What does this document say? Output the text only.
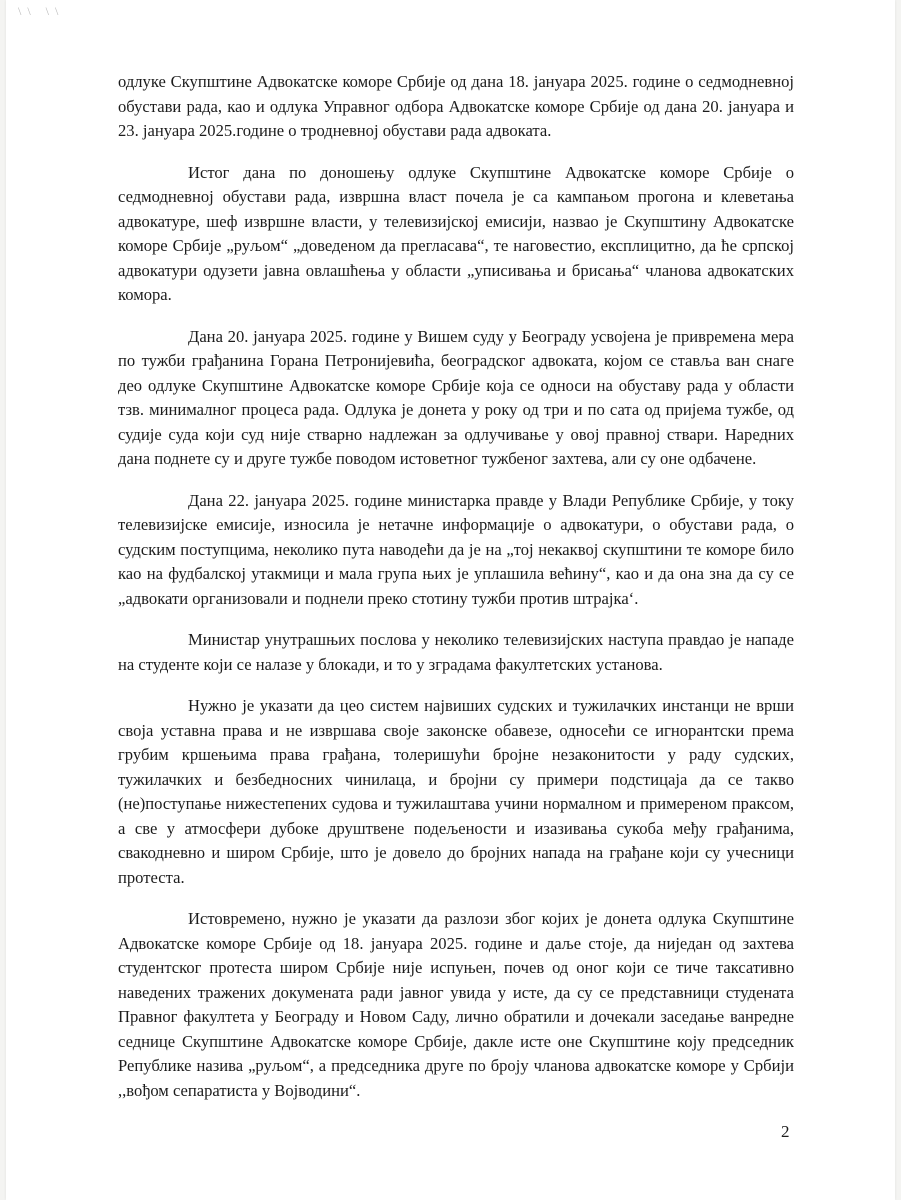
\\ \\

одлуке Скупштине Адвокатске коморе Србије од дана 18. јануара 2025. године о седмодневној обустави рада, као и одлука Управног одбора Адвокатске коморе Србије од дана 20. јануара и 23. јануара 2025.године о тродневној обустави рада адвоката.

Истог дана по доношењу одлуке Скупштине Адвокатске коморе Србије о седмодневној обустави рада, извршна власт почела је са кампањом прогона и клеветања адвокатуре, шеф извршне власти, у телевизијској емисији, назвао је Скупштину Адвокатске коморе Србије „руљом“ „доведеном да прегласава“, те наговестио, експлицитно, да ће српској адвокатури одузети јавна овлашћења у области „уписивања и брисања“ чланова адвокатских комора.

Дана 20. јануара 2025. године у Вишем суду у Београду усвојена је привремена мера по тужби грађанина Горана Петронијевића, београдског адвоката, којом се ставља ван снаге део одлуке Скупштине Адвокатске коморе Србије која се односи на обуставу рада у области тзв. минималног процеса рада. Одлука је донета у року од три и по сата од пријема тужбе, од судије суда који суд није стварно надлежан за одлучивање у овој правној ствари. Наредних дана поднете су и друге тужбе поводом истоветног тужбеног захтева, али су оне одбачене.

Дана 22. јануара 2025. године министарка правде у Влади Републике Србије, у току телевизијске емисије, износила је нетачне информације о адвокатури, о обустави рада, о судским поступцима, неколико пута наводећи да је на „тој некаквој скупштини те коморе било као на фудбалској утакмици и мала група њих је уплашила већину“, као и да она зна да су се „адвокати организовали и поднели преко стотину тужби против штрајка‘.

Министар унутрашњих послова у неколико телевизијских наступа правдао је нападе на студенте који се налазе у блокади, и то у зградама факултетских установа.

Нужно је указати да цео систем највиших судских и тужилачких инстанци не врши своја уставна права и не извршава своје законске обавезе, односећи се игнорантски према грубим кршењима права грађана, толеришући бројне незаконитости у раду судских, тужилачких и безбедносних чинилаца, и бројни су примери подстицаја да се такво (не)поступање нижестепених судова и тужилаштава учини нормалном и примереном праксом, а све у атмосфери дубоке друштвене подељености и изазивања сукоба међу грађанима, свакодневно и широм Србије, што је довело до бројних напада на грађане који су учесници протеста.

Истовремено, нужно је указати да разлози због којих је донета одлука Скупштине Адвокатске коморе Србије од 18. јануара 2025. године и даље стоје, да ниједан од захтева студентског протеста широм Србије није испуњен, почев од оног који се тиче таксативно наведених тражених докумената ради јавног увида у исте, да су се представници студената Правног факултета у Београду и Новом Саду, лично обратили и дочекали заседање ванредне седнице Скупштине Адвокатске коморе Србије, дакле исте оне Скупштине коју председник Републике назива „руљом“, а председника друге по броју чланова адвокатске коморе у Србији ,,вођом сепаратиста у Војводини“.

2
